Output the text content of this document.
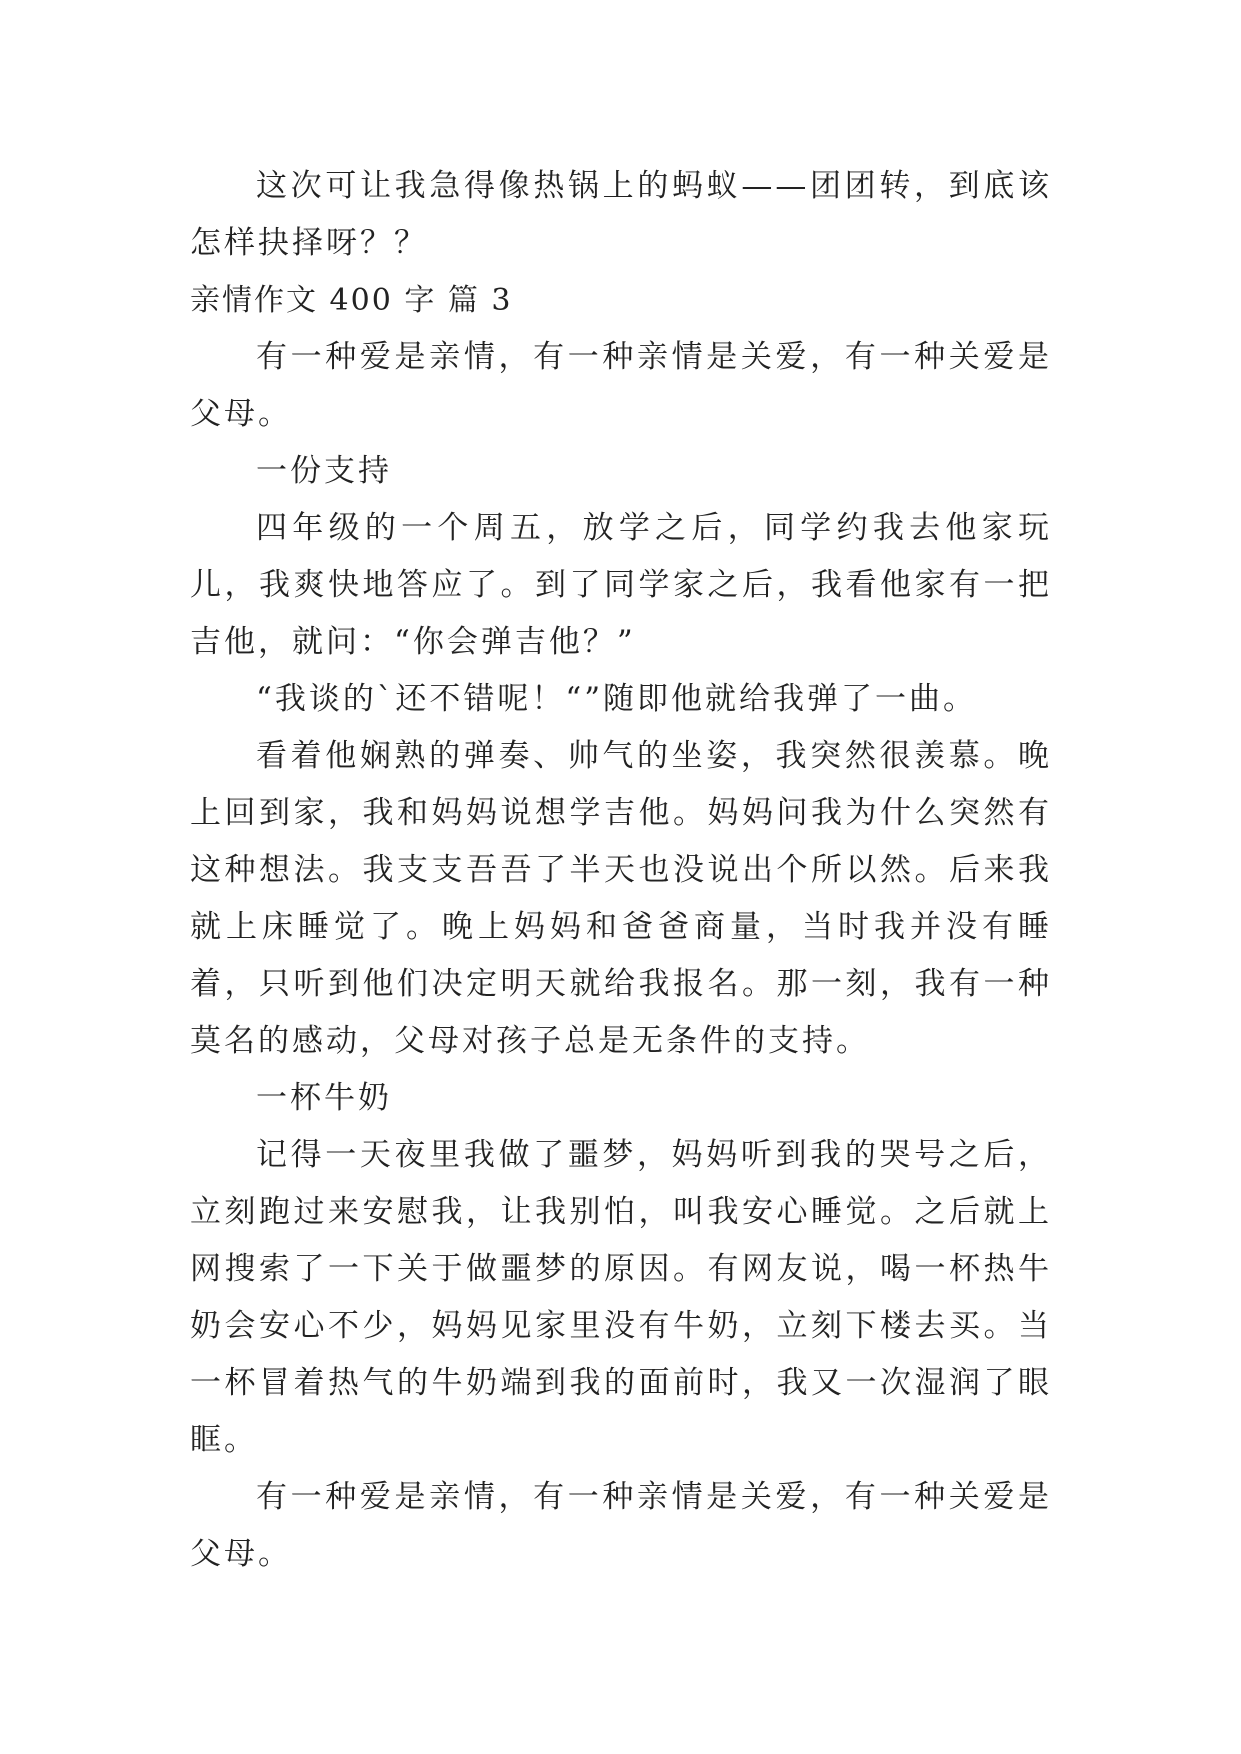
这次可让我急得像热锅上的蚂蚁——团团转，到底该怎样抉择呀？？

亲情作文 400 字 篇 3

有一种爱是亲情，有一种亲情是关爱，有一种关爱是父母。

一份支持

四年级的一个周五，放学之后，同学约我去他家玩儿，我爽快地答应了。到了同学家之后，我看他家有一把吉他，就问：“你会弹吉他？”

“我谈的`还不错呢！“”随即他就给我弹了一曲。

看着他娴熟的弹奏、帅气的坐姿，我突然很羡慕。晚上回到家，我和妈妈说想学吉他。妈妈问我为什么突然有这种想法。我支支吾吾了半天也没说出个所以然。后来我就上床睡觉了。晚上妈妈和爸爸商量，当时我并没有睡着，只听到他们决定明天就给我报名。那一刻，我有一种莫名的感动，父母对孩子总是无条件的支持。

一杯牛奶

记得一天夜里我做了噩梦，妈妈听到我的哭号之后，立刻跑过来安慰我，让我别怕，叫我安心睡觉。之后就上网搜索了一下关于做噩梦的原因。有网友说，喝一杯热牛奶会安心不少，妈妈见家里没有牛奶，立刻下楼去买。当一杯冒着热气的牛奶端到我的面前时，我又一次湿润了眼眶。

有一种爱是亲情，有一种亲情是关爱，有一种关爱是父母。
